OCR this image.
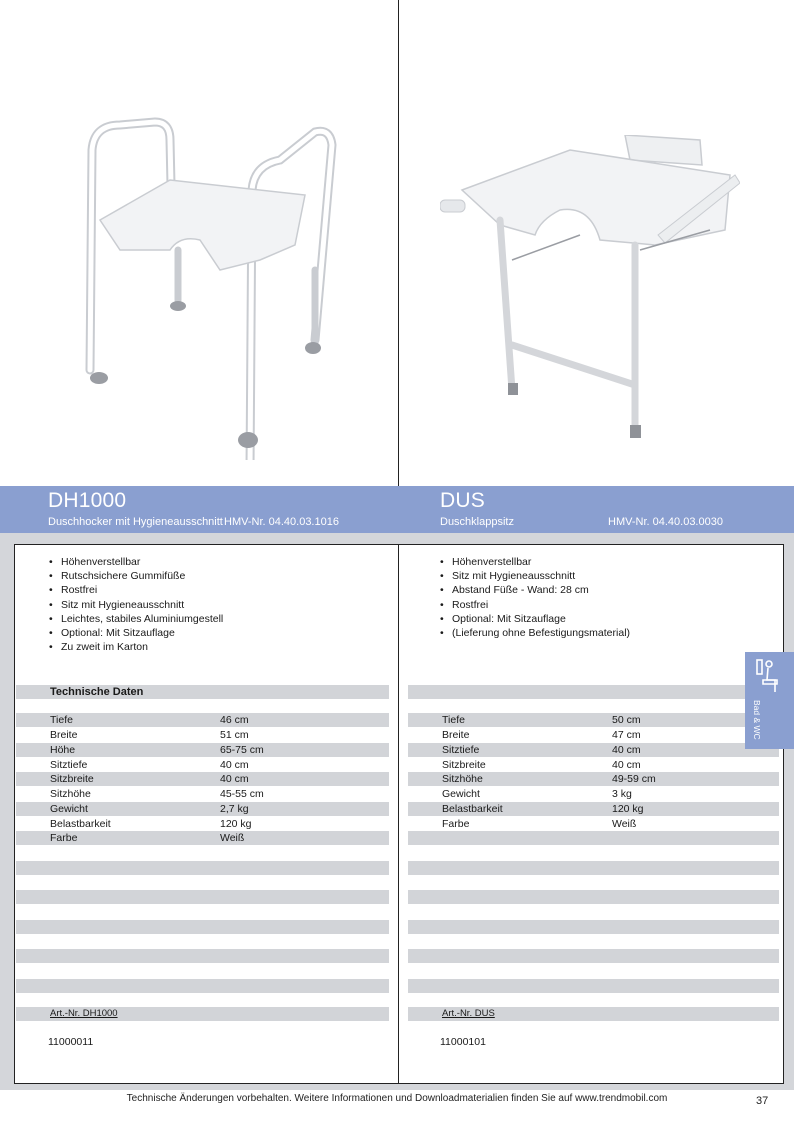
DH1000
Duschhocker mit Hygieneausschnitt HMV-Nr. 04.40.03.1016
DUS
Duschklappsitz	HMV-Nr. 04.40.03.0030
• Höhenverstellbar
• Rutschsichere Gummifüße
• Rostfrei
• Sitz mit Hygieneausschnitt
• Leichtes, stabiles Aluminiumgestell
• Optional: Mit Sitzauflage
• Zu zweit im Karton
• Höhenverstellbar
• Sitz mit Hygieneausschnitt
• Abstand Füße - Wand: 28 cm
• Rostfrei
• Optional: Mit Sitzauflage
• (Lieferung ohne Befestigungsmaterial)
Technische Daten
Tiefe	46 cm
Breite	51 cm
Höhe	65-75 cm
Sitztiefe	40 cm
Sitzbreite	40 cm
Sitzhöhe	45-55 cm
Gewicht	2,7 kg
Belastbarkeit	120 kg
Farbe	Weiß
Tiefe	50 cm
Breite	47 cm
Sitztiefe	40 cm
Sitzbreite	40 cm
Sitzhöhe	49-59 cm
Gewicht	3 kg
Belastbarkeit	120 kg
Farbe	Weiß
Art.-Nr. DH1000	Art.-Nr. DUS
11000011	11000101
Bad & WC
Technische Änderungen vorbehalten. Weitere Informationen und Downloadmaterialien finden Sie auf www.trendmobil.com	37
